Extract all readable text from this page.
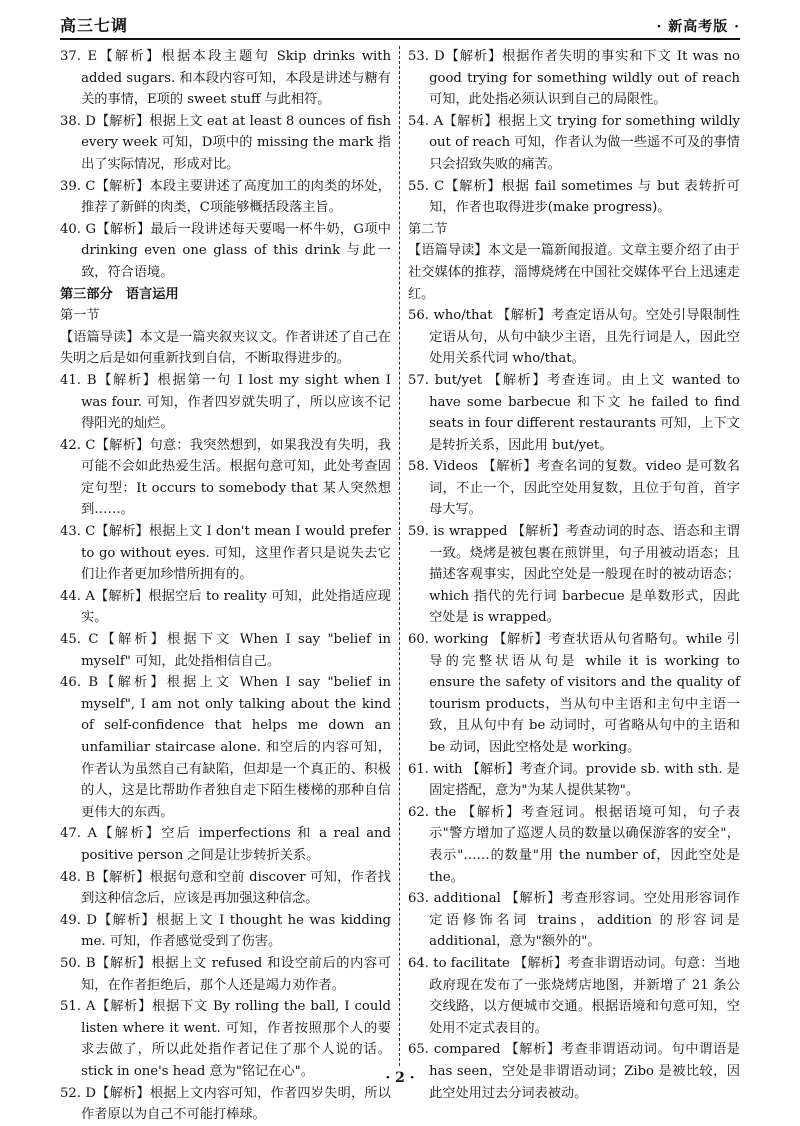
高三七调	· 新高考版 ·

37. E【解析】根据本段主题句 Skip drinks with added sugars. 和本段内容可知，本段是讲述与糖有关的事情，E项的 sweet stuff 与此相符。

38. D【解析】根据上文 eat at least 8 ounces of fish every week 可知，D项中的 missing the mark 指出了实际情况，形成对比。

39. C【解析】本段主要讲述了高度加工的肉类的坏处，推荐了新鲜的肉类，C项能够概括段落主旨。

40. G【解析】最后一段讲述每天要喝一杯牛奶，G项中 drinking even one glass of this drink 与此一致，符合语境。

第三部分　语言运用

第一节

【语篇导读】本文是一篇夹叙夹议文。作者讲述了自己在失明之后是如何重新找到自信，不断取得进步的。

41. B【解析】根据第一句 I lost my sight when I was four. 可知，作者四岁就失明了，所以应该不记得阳光的灿烂。

42. C【解析】句意：我突然想到，如果我没有失明，我可能不会如此热爱生活。根据句意可知，此处考查固定句型：It occurs to somebody that 某人突然想到……。

43. C【解析】根据上文 I don't mean I would prefer to go without eyes. 可知，这里作者只是说失去它们让作者更加珍惜所拥有的。

44. A【解析】根据空后 to reality 可知，此处指适应现实。

45. C【解析】根据下文 When I say "belief in myself" 可知，此处指相信自己。

46. B【解析】根据上文 When I say "belief in myself", I am not only talking about the kind of self-confidence that helps me down an unfamiliar staircase alone. 和空后的内容可知，作者认为虽然自己有缺陷，但却是一个真正的、积极的人，这是比帮助作者独自走下陌生楼梯的那种自信更伟大的东西。

47. A【解析】空后 imperfections 和 a real and positive person 之间是让步转折关系。

48. B【解析】根据句意和空前 discover 可知，作者找到这种信念后，应该是再加强这种信念。

49. D【解析】根据上文 I thought he was kidding me. 可知，作者感觉受到了伤害。

50. B【解析】根据上文 refused 和设空前后的内容可知，在作者拒绝后，那个人还是竭力劝作者。

51. A【解析】根据下文 By rolling the ball, I could listen where it went. 可知，作者按照那个人的要求去做了，所以此处指作者记住了那个人说的话。stick in one's head 意为"铭记在心"。

52. D【解析】根据上文内容可知，作者四岁失明，所以作者原以为自己不可能打棒球。

53. D【解析】根据作者失明的事实和下文 It was no good trying for something wildly out of reach 可知，此处指必须认识到自己的局限性。

54. A【解析】根据上文 trying for something wildly out of reach 可知，作者认为做一些遥不可及的事情只会招致失败的痛苦。

55. C【解析】根据 fail sometimes 与 but 表转折可知，作者也取得进步(make progress)。

第二节

【语篇导读】本文是一篇新闻报道。文章主要介绍了由于社交媒体的推荐，淄博烧烤在中国社交媒体平台上迅速走红。

56. who/that 【解析】考查定语从句。空处引导限制性定语从句，从句中缺少主语，且先行词是人，因此空处用关系代词 who/that。

57. but/yet 【解析】考查连词。由上文 wanted to have some barbecue 和下文 he failed to find seats in four different restaurants 可知，上下文是转折关系，因此用 but/yet。

58. Videos 【解析】考查名词的复数。video 是可数名词，不止一个，因此空处用复数，且位于句首，首字母大写。

59. is wrapped 【解析】考查动词的时态、语态和主谓一致。烧烤是被包裹在煎饼里，句子用被动语态；且描述客观事实，因此空处是一般现在时的被动语态；which 指代的先行词 barbecue 是单数形式，因此空处是 is wrapped。

60. working 【解析】考查状语从句省略句。while 引导的完整状语从句是 while it is working to ensure the safety of visitors and the quality of tourism products，当从句中主语和主句中主语一致，且从句中有 be 动词时，可省略从句中的主语和 be 动词，因此空格处是 working。

61. with 【解析】考查介词。provide sb. with sth. 是固定搭配，意为"为某人提供某物"。

62. the 【解析】考查冠词。根据语境可知，句子表示"警方增加了巡逻人员的数量以确保游客的安全"，表示"……的数量"用 the number of，因此空处是 the。

63. additional 【解析】考查形容词。空处用形容词作定语修饰名词 trains，addition 的形容词是 additional，意为"额外的"。

64. to facilitate 【解析】考查非谓语动词。句意：当地政府现在发布了一张烧烤店地图，并新增了 21 条公交线路，以方便城市交通。根据语境和句意可知，空处用不定式表目的。

65. compared 【解析】考查非谓语动词。句中谓语是 has seen，空处是非谓语动词；Zibo 是被比较，因此空处用过去分词表被动。

· 2 ·
